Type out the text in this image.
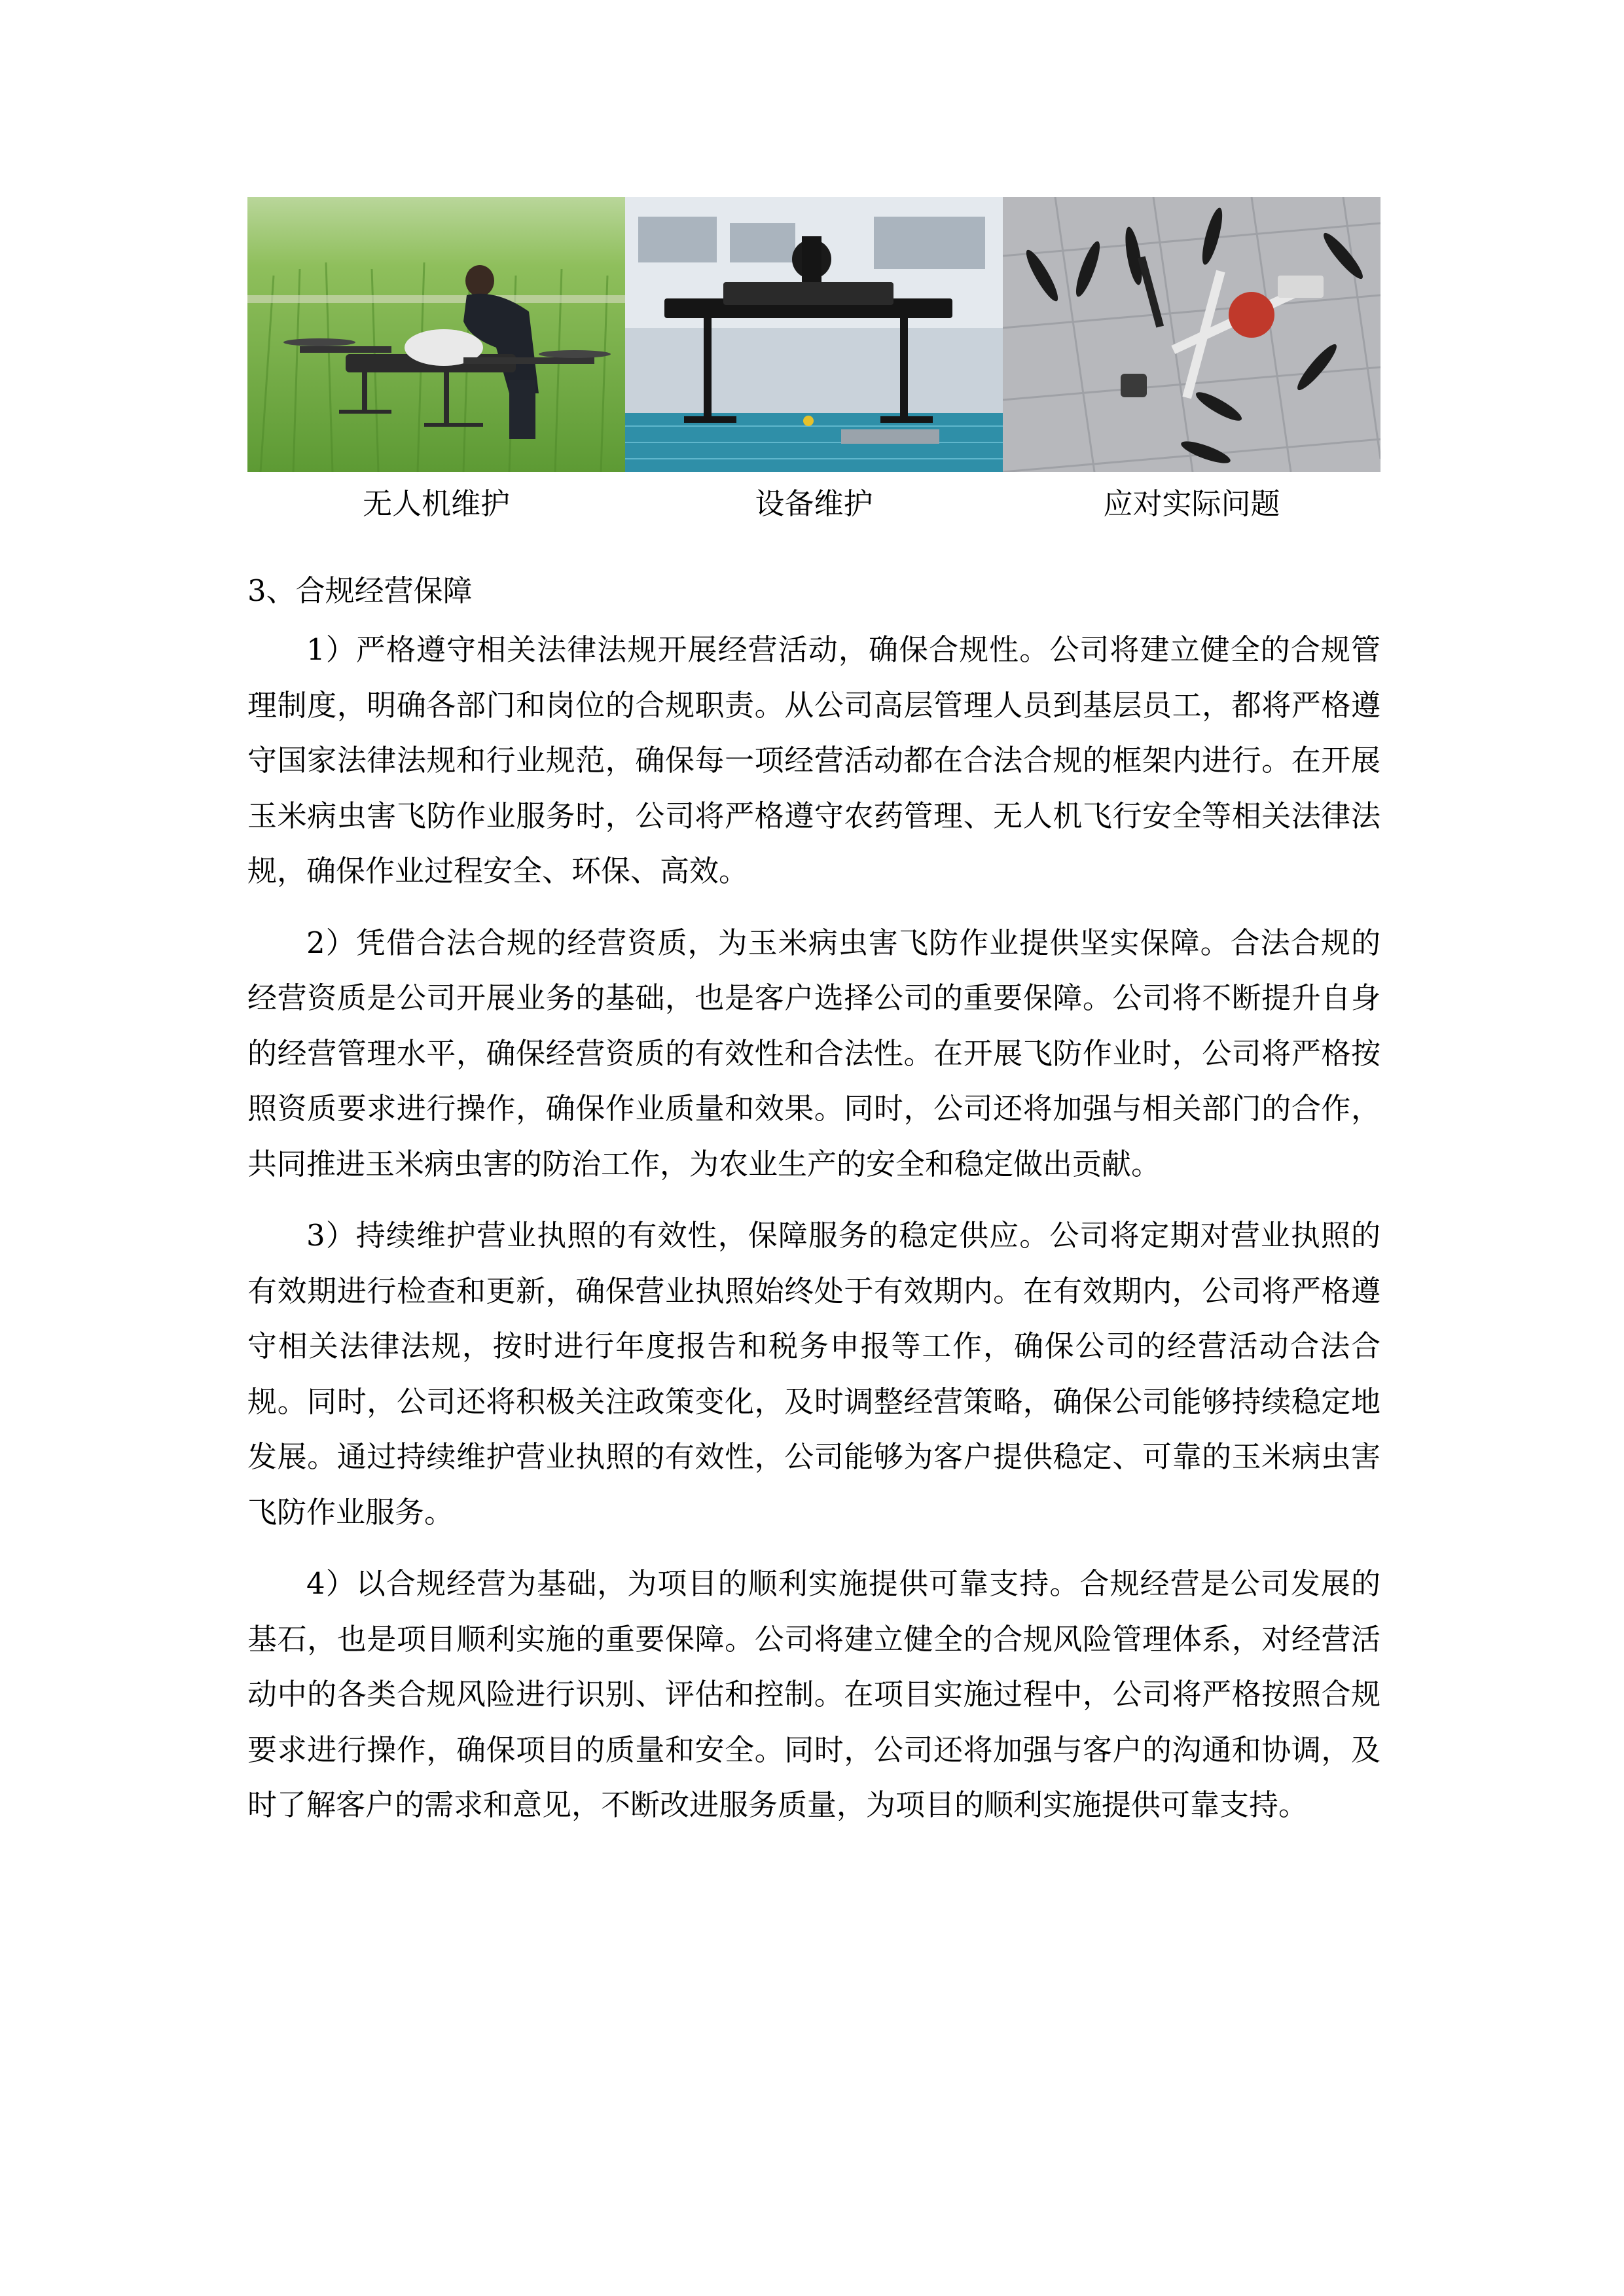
无人机维护	设备维护	应对实际问题
3、合规经营保障

1）严格遵守相关法律法规开展经营活动，确保合规性。公司将建立健全的合规管理制度，明确各部门和岗位的合规职责。从公司高层管理人员到基层员工，都将严格遵守国家法律法规和行业规范，确保每一项经营活动都在合法合规的框架内进行。在开展玉米病虫害飞防作业服务时，公司将严格遵守农药管理、无人机飞行安全等相关法律法规，确保作业过程安全、环保、高效。

2）凭借合法合规的经营资质，为玉米病虫害飞防作业提供坚实保障。合法合规的经营资质是公司开展业务的基础，也是客户选择公司的重要保障。公司将不断提升自身的经营管理水平，确保经营资质的有效性和合法性。在开展飞防作业时，公司将严格按照资质要求进行操作，确保作业质量和效果。同时，公司还将加强与相关部门的合作，共同推进玉米病虫害的防治工作，为农业生产的安全和稳定做出贡献。

3）持续维护营业执照的有效性，保障服务的稳定供应。公司将定期对营业执照的有效期进行检查和更新，确保营业执照始终处于有效期内。在有效期内，公司将严格遵守相关法律法规，按时进行年度报告和税务申报等工作，确保公司的经营活动合法合规。同时，公司还将积极关注政策变化，及时调整经营策略，确保公司能够持续稳定地发展。通过持续维护营业执照的有效性，公司能够为客户提供稳定、可靠的玉米病虫害飞防作业服务。

4）以合规经营为基础，为项目的顺利实施提供可靠支持。合规经营是公司发展的基石，也是项目顺利实施的重要保障。公司将建立健全的合规风险管理体系，对经营活动中的各类合规风险进行识别、评估和控制。在项目实施过程中，公司将严格按照合规要求进行操作，确保项目的质量和安全。同时，公司还将加强与客户的沟通和协调，及时了解客户的需求和意见，不断改进服务质量，为项目的顺利实施提供可靠支持。
